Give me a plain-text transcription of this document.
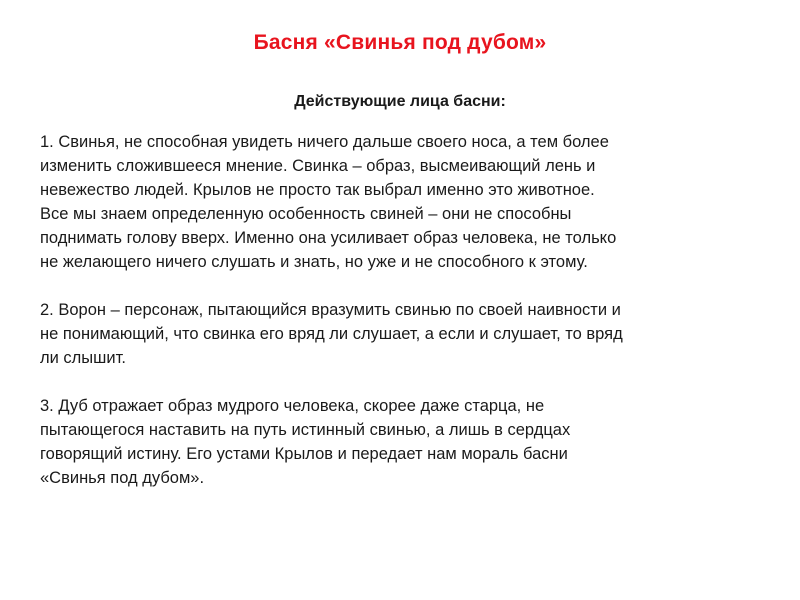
Басня «Свинья под дубом»
Действующие лица басни:

1. Свинья, не способная увидеть ничего дальше своего носа, а тем более
изменить сложившееся мнение. Свинка – образ, высмеивающий лень и
невежество людей. Крылов не просто так выбрал именно это животное.
Все мы знаем определенную особенность свиней – они не способны
поднимать голову вверх. Именно она усиливает образ человека, не только
не желающего ничего слушать и знать, но уже и не способного к этому.

2. Ворон – персонаж, пытающийся вразумить свинью по своей наивности и
не понимающий, что свинка его вряд ли слушает, а если и слушает, то вряд
ли слышит.

3. Дуб отражает образ мудрого человека, скорее даже старца, не
пытающегося наставить на путь истинный свинью, а лишь в сердцах
говорящий истину. Его устами Крылов и передает нам мораль басни
«Свинья под дубом».
